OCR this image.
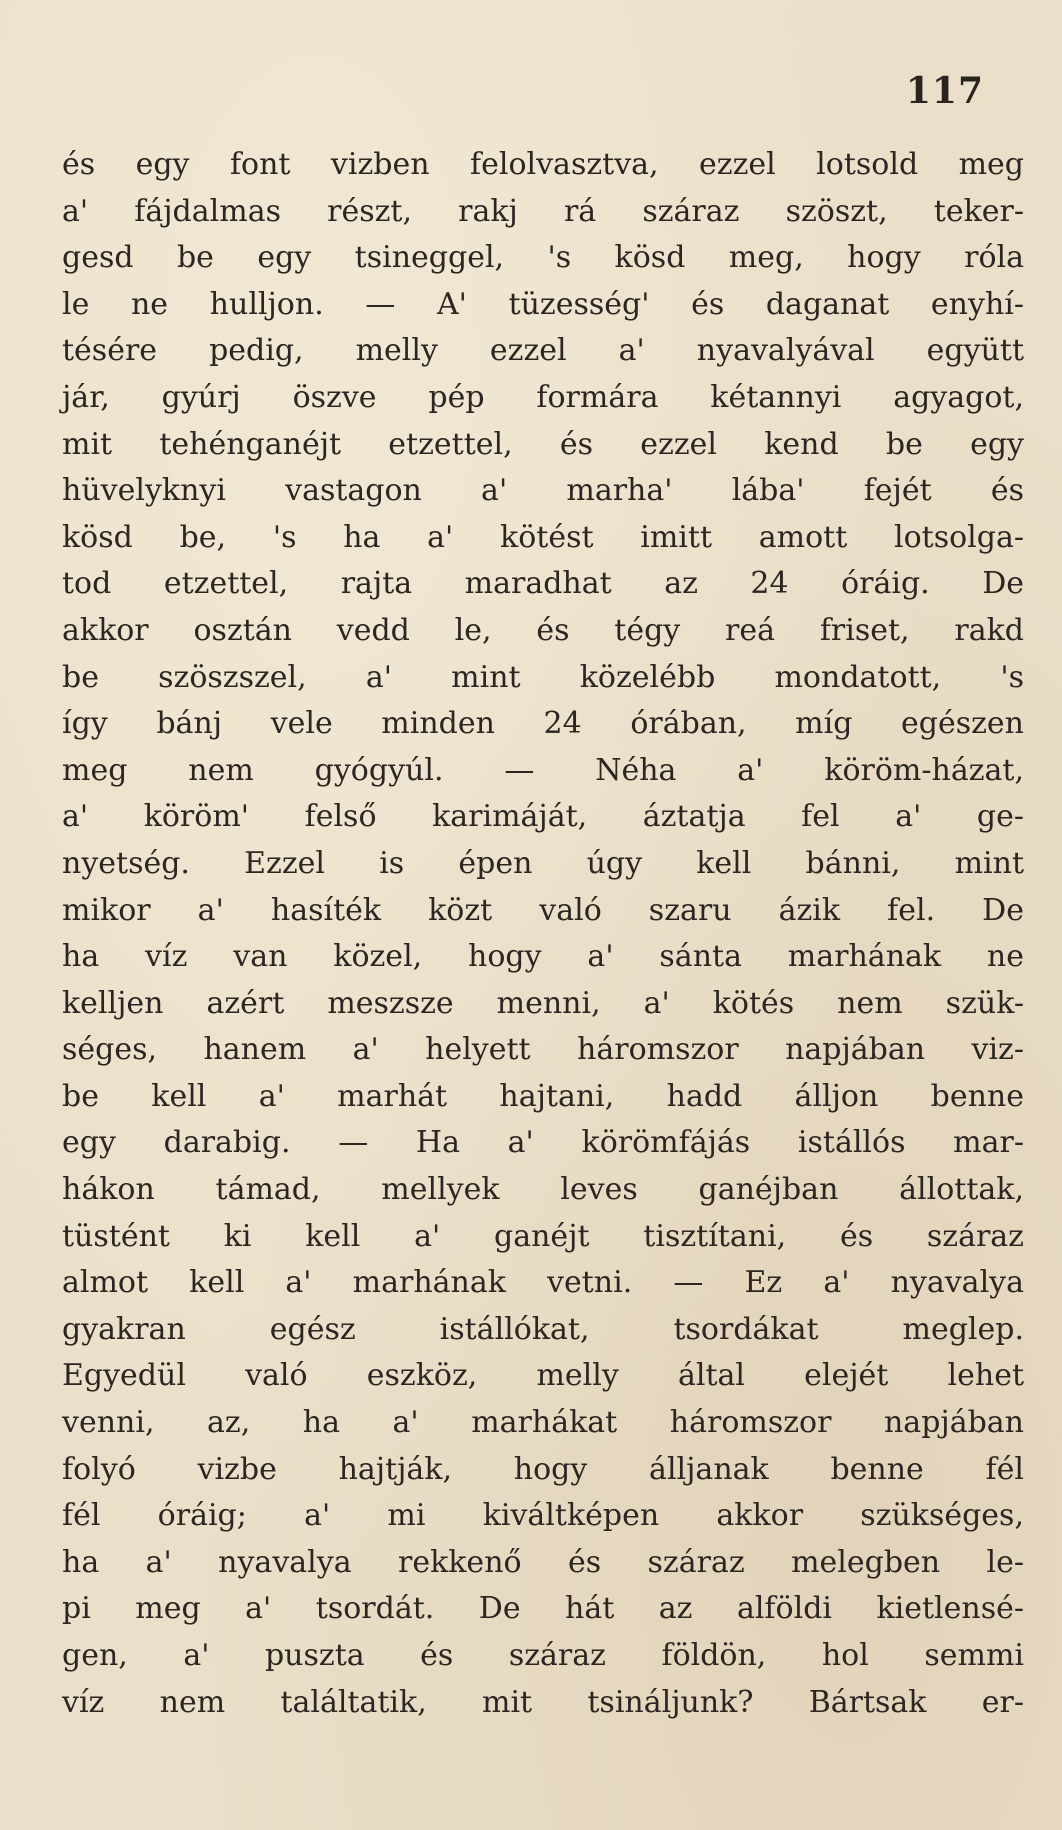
117
és egy font vizben felolvasztva, ezzel lotsold meg
a' fájdalmas részt, rakj rá száraz szöszt, teker-
gesd be egy tsineggel, 's kösd meg, hogy róla
le ne hulljon. — A' tüzesség' és daganat enyhí-
tésére pedig, melly ezzel a' nyavalyával együtt
jár, gyúrj öszve pép formára kétannyi agyagot,
mit tehénganéjt etzettel, és ezzel kend be egy
hüvelyknyi vastagon a' marha' lába' fejét és
kösd be, 's ha a' kötést imitt amott lotsolga-
tod etzettel, rajta maradhat az 24 óráig. De
akkor osztán vedd le, és tégy reá friset, rakd
be szöszszel, a' mint közelébb mondatott, 's
így bánj vele minden 24 órában, míg egészen
meg nem gyógyúl. — Néha a' köröm-házat,
a' köröm' felső karimáját, áztatja fel a' ge-
nyetség. Ezzel is épen úgy kell bánni, mint
mikor a' hasíték közt való szaru ázik fel. De
ha víz van közel, hogy a' sánta marhának ne
kelljen azért meszsze menni, a' kötés nem szük-
séges, hanem a' helyett háromszor napjában viz-
be kell a' marhát hajtani, hadd álljon benne
egy darabig. — Ha a' körömfájás istállós mar-
hákon támad, mellyek leves ganéjban állottak,
tüstént ki kell a' ganéjt tisztítani, és száraz
almot kell a' marhának vetni. — Ez a' nyavalya
gyakran egész istállókat, tsordákat meglep.
Egyedül való eszköz, melly által elejét lehet
venni, az, ha a' marhákat háromszor napjában
folyó vizbe hajtják, hogy álljanak benne fél
fél óráig; a' mi kiváltképen akkor szükséges,
ha a' nyavalya rekkenő és száraz melegben le-
pi meg a' tsordát. De hát az alföldi kietlensé-
gen, a' puszta és száraz földön, hol semmi
víz nem találtatik, mit tsináljunk? Bártsak er-
